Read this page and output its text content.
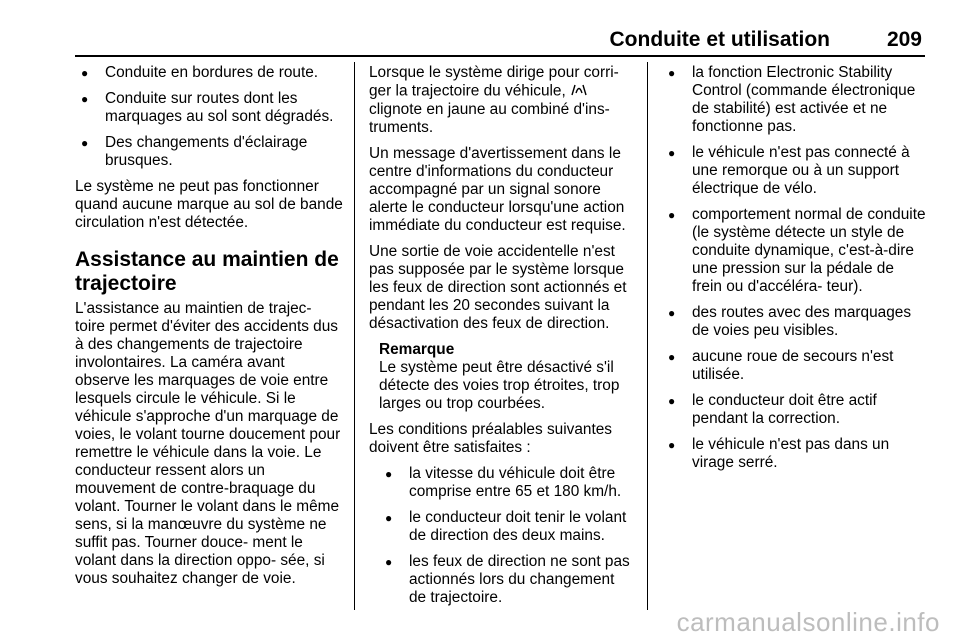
Conduite et utilisation	209
● Conduite en bordures de route.
● Conduite sur routes dont les marquages au sol sont dégradés.
● Des changements d'éclairage brusques.

Le système ne peut pas fonctionner quand aucune marque au sol de bande circulation n'est détectée.

Assistance au maintien de trajectoire

L'assistance au maintien de trajec- toire permet d'éviter des accidents dus à des changements de trajectoire involontaires. La caméra avant observe les marquages de voie entre lesquels circule le véhicule. Si le véhicule s'approche d'un marquage de voies, le volant tourne doucement pour remettre le véhicule dans la voie. Le conducteur ressent alors un mouvement de contre-braquage du volant. Tourner le volant dans le même sens, si la manœuvre du système ne suffit pas. Tourner douce- ment le volant dans la direction oppo- sée, si vous souhaitez changer de voie.

Lorsque le système dirige pour corri- ger la trajectoire du véhicule,  clignote en jaune au combiné d'ins- truments.

Un message d'avertissement dans le centre d'informations du conducteur accompagné par un signal sonore alerte le conducteur lorsqu'une action immédiate du conducteur est requise.

Une sortie de voie accidentelle n'est pas supposée par le système lorsque les feux de direction sont actionnés et pendant les 20 secondes suivant la désactivation des feux de direction.

Remarque
Le système peut être désactivé s'il détecte des voies trop étroites, trop larges ou trop courbées.

Les conditions préalables suivantes doivent être satisfaites :

● la vitesse du véhicule doit être comprise entre 65 et 180 km/h.
● le conducteur doit tenir le volant de direction des deux mains.
● les feux de direction ne sont pas actionnés lors du changement de trajectoire.
● la fonction Electronic Stability Control (commande électronique de stabilité) est activée et ne fonctionne pas.
● le véhicule n'est pas connecté à une remorque ou à un support électrique de vélo.
● comportement normal de conduite (le système détecte un style de conduite dynamique, c'est-à-dire une pression sur la pédale de frein ou d'accéléra- teur).
● des routes avec des marquages de voies peu visibles.
● aucune roue de secours n'est utilisée.
● le conducteur doit être actif pendant la correction.
● le véhicule n'est pas dans un virage serré.
carmanualsonline.info
